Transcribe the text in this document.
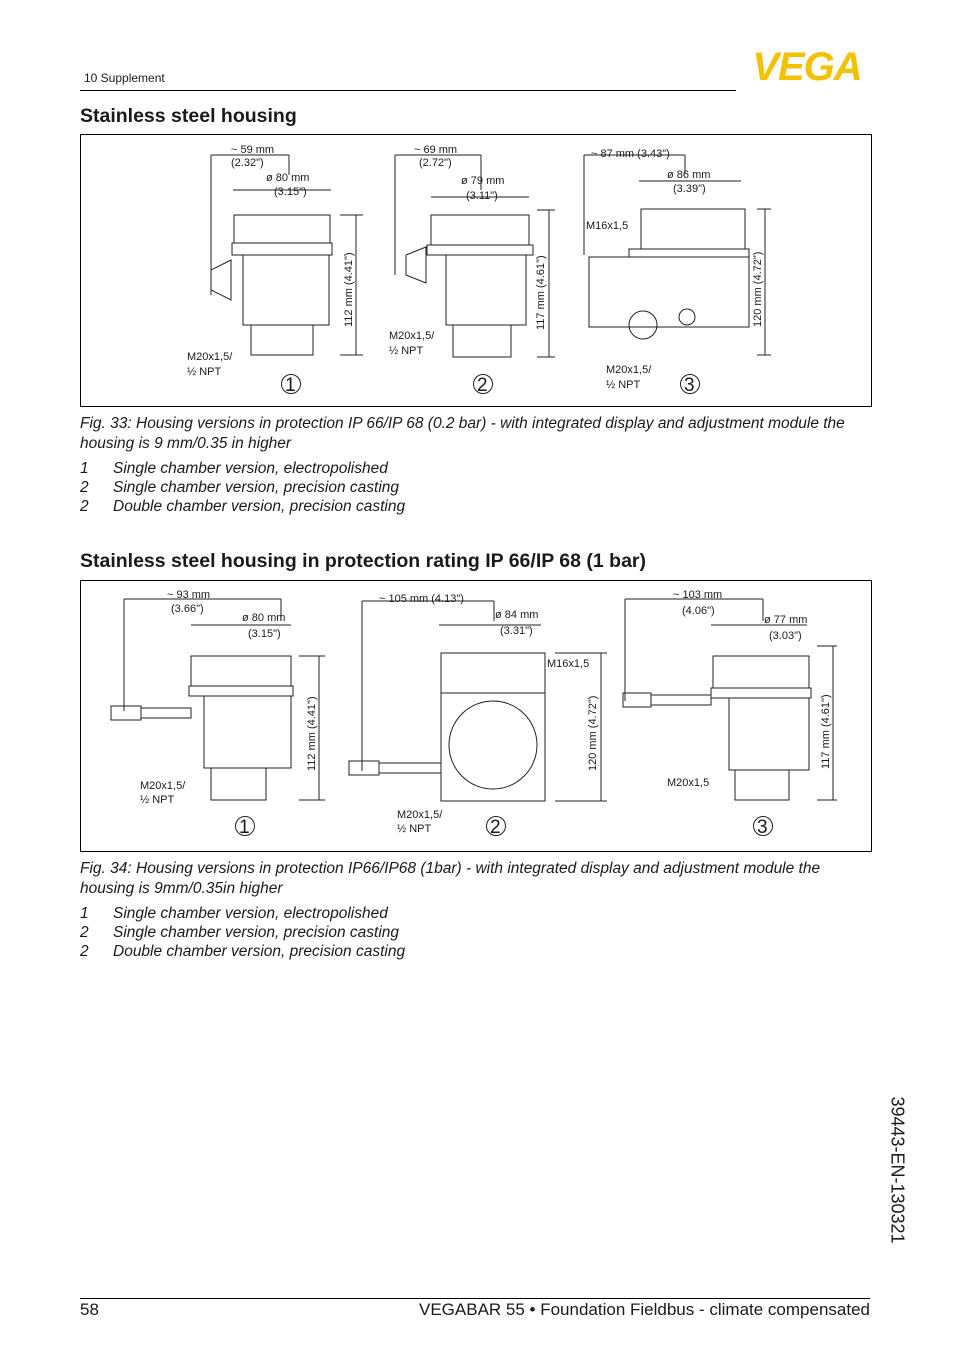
10 Supplement	VEGA
Stainless steel housing
~ 59 mm
(2.32")
ø 80 mm
(3.15")
M20x1,5/
½ NPT
112 mm (4.41")
1
~ 69 mm
(2.72")
ø 79 mm
(3.11")
M20x1,5/
½ NPT
117 mm (4.61")
2
~ 87 mm (3.43")
ø 86 mm
(3.39")
M16x1,5
M20x1,5/
½ NPT
120 mm (4.72")
3
Fig. 33: Housing versions in protection IP 66/IP 68 (0.2 bar) - with integrated display and adjustment module the housing is 9 mm/0.35 in higher
1	Single chamber version, electropolished
2	Single chamber version, precision casting
2	Double chamber version, precision casting
Stainless steel housing in protection rating IP 66/IP 68 (1 bar)
~ 93 mm
(3.66")
ø 80 mm
(3.15")
M20x1,5/
½ NPT
112 mm (4.41")
1
~ 105 mm (4.13")
ø 84 mm
(3.31")
M16x1,5
M20x1,5/
½ NPT
120 mm (4.72")
2
~ 103 mm
(4.06")
ø 77 mm
(3.03")
M20x1,5
117 mm (4.61")
3
Fig. 34: Housing versions in protection IP66/IP68 (1bar) - with integrated display and adjustment module the housing is 9mm/0.35in higher
1	Single chamber version, electropolished
2	Single chamber version, precision casting
2	Double chamber version, precision casting
39443-EN-130321
58	VEGABAR 55 • Foundation Fieldbus - climate compensated
